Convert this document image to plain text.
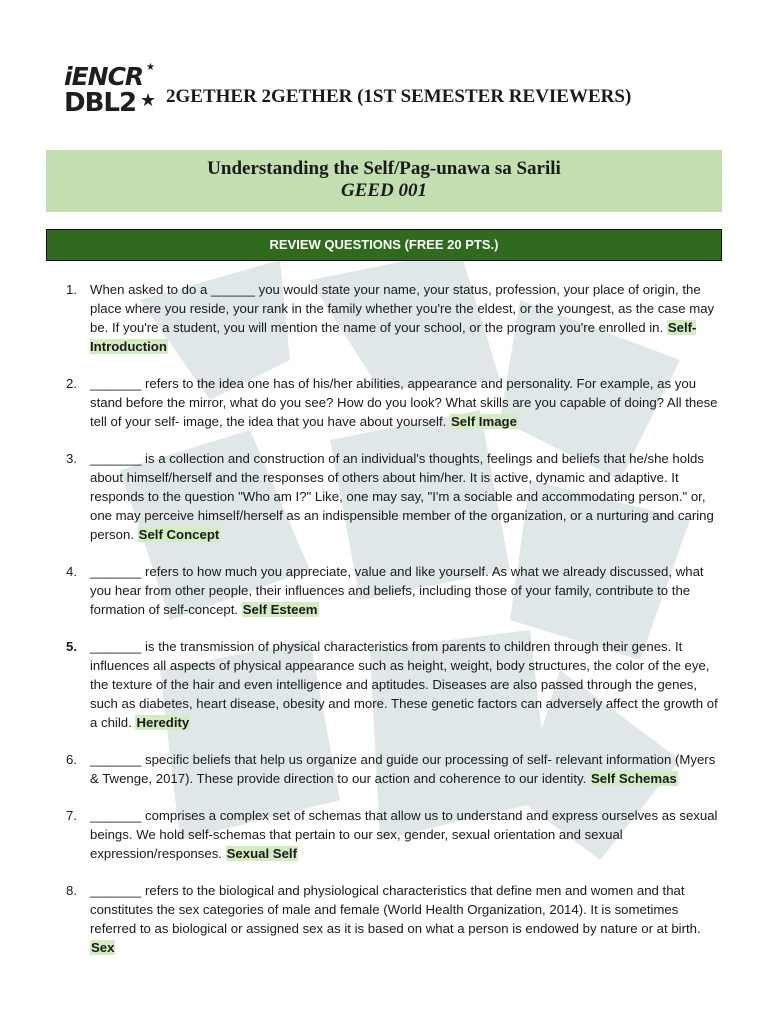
iENCR
DBL2 ★
★
2GETHER 2GETHER (1ST SEMESTER REVIEWERS)
Understanding the Self/Pag-unawa sa Sarili
GEED 001
REVIEW QUESTIONS (FREE 20 PTS.)
1. When asked to do a ______ you would state your name, your status, profession, your place of origin, the place where you reside, your rank in the family whether you're the eldest, or the youngest, as the case may be. If you're a student, you will mention the name of your school, or the program you're enrolled in. Self-Introduction
2. _______ refers to the idea one has of his/her abilities, appearance and personality. For example, as you stand before the mirror, what do you see? How do you look? What skills are you capable of doing? All these tell of your self- image, the idea that you have about yourself. Self Image
3. _______ is a collection and construction of an individual's thoughts, feelings and beliefs that he/she holds about himself/herself and the responses of others about him/her. It is active, dynamic and adaptive. It responds to the question "Who am I?" Like, one may say, "I'm a sociable and accommodating person." or, one may perceive himself/herself as an indispensible member of the organization, or a nurturing and caring person. Self Concept
4. _______ refers to how much you appreciate, value and like yourself. As what we already discussed, what you hear from other people, their influences and beliefs, including those of your family, contribute to the formation of self-concept. Self Esteem
5. _______ is the transmission of physical characteristics from parents to children through their genes. It influences all aspects of physical appearance such as height, weight, body structures, the color of the eye, the texture of the hair and even intelligence and aptitudes. Diseases are also passed through the genes, such as diabetes, heart disease, obesity and more. These genetic factors can adversely affect the growth of a child. Heredity
6. _______ specific beliefs that help us organize and guide our processing of self- relevant information (Myers & Twenge, 2017). These provide direction to our action and coherence to our identity. Self Schemas
7. _______ comprises a complex set of schemas that allow us to understand and express ourselves as sexual beings. We hold self-schemas that pertain to our sex, gender, sexual orientation and sexual expression/responses. Sexual Self
8. _______ refers to the biological and physiological characteristics that define men and women and that constitutes the sex categories of male and female (World Health Organization, 2014). It is sometimes referred to as biological or assigned sex as it is based on what a person is endowed by nature or at birth. Sex
